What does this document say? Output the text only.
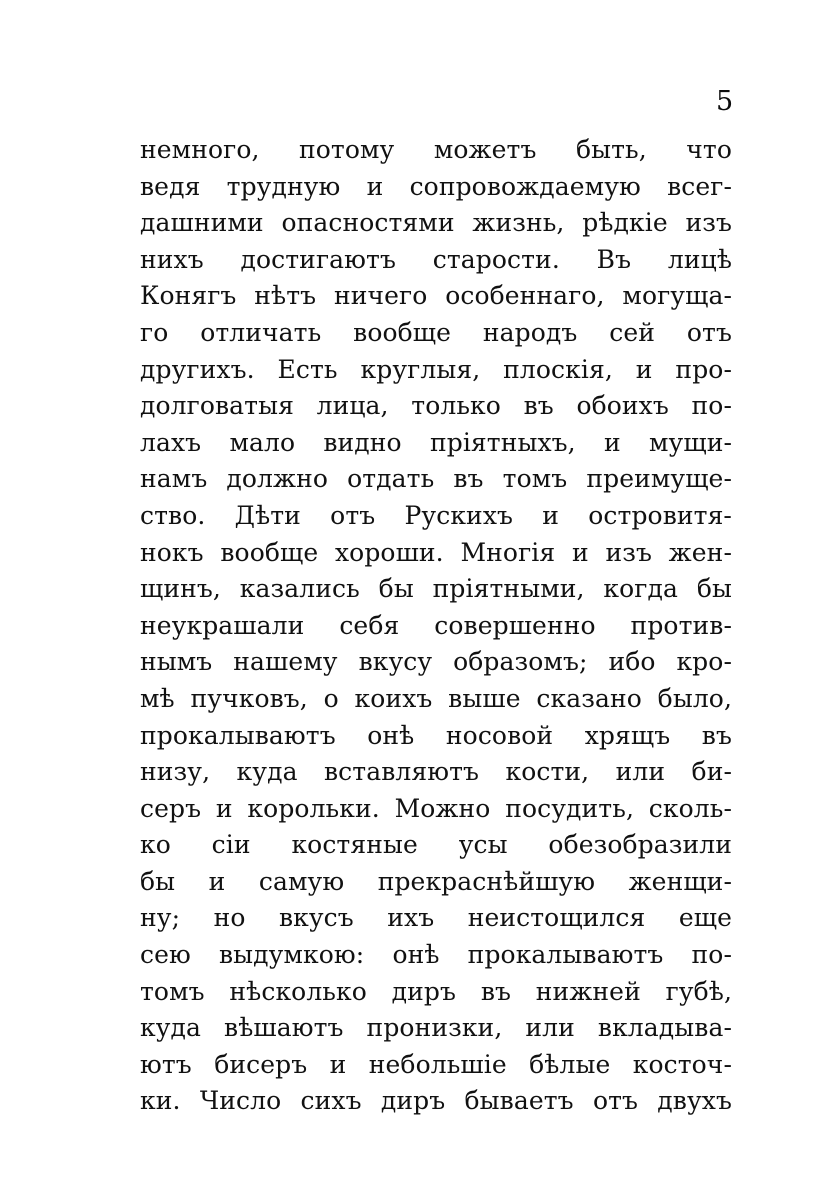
5
немного, потому можетъ быть, что
ведя трудную и сопровождаемую всег-
дашними опасностями жизнь, рѣдкіе изъ
нихъ достигаютъ старости. Въ лицѣ
Конягъ нѣтъ ничего особеннаго, могуща-
го отличать вообще народъ сей отъ
другихъ. Есть круглыя, плоскія, и про-
долговатыя лица, только въ обоихъ по-
лахъ мало видно пріятныхъ, и мущи-
намъ должно отдать въ томъ преимуще-
ство. Дѣти отъ Рускихъ и островитя-
нокъ вообще хороши. Многія и изъ жен-
щинъ, казались бы пріятными, когда бы
неукрашали себя совершенно против-
нымъ нашему вкусу образомъ; ибо кро-
мѣ пучковъ, о коихъ выше сказано было,
прокалываютъ онѣ носовой хрящъ въ
низу, куда вставляютъ кости, или би-
серъ и корольки. Можно посудить, сколь-
ко сіи костяные усы обезобразили
бы и самую прекраснѣйшую женщи-
ну; но вкусъ ихъ неистощился еще
сею выдумкою: онѣ прокалываютъ по-
томъ нѣсколько диръ въ нижней губѣ,
куда вѣшаютъ пронизки, или вкладыва-
ютъ бисеръ и небольшіе бѣлые косточ-
ки. Число сихъ диръ бываетъ отъ двухъ
